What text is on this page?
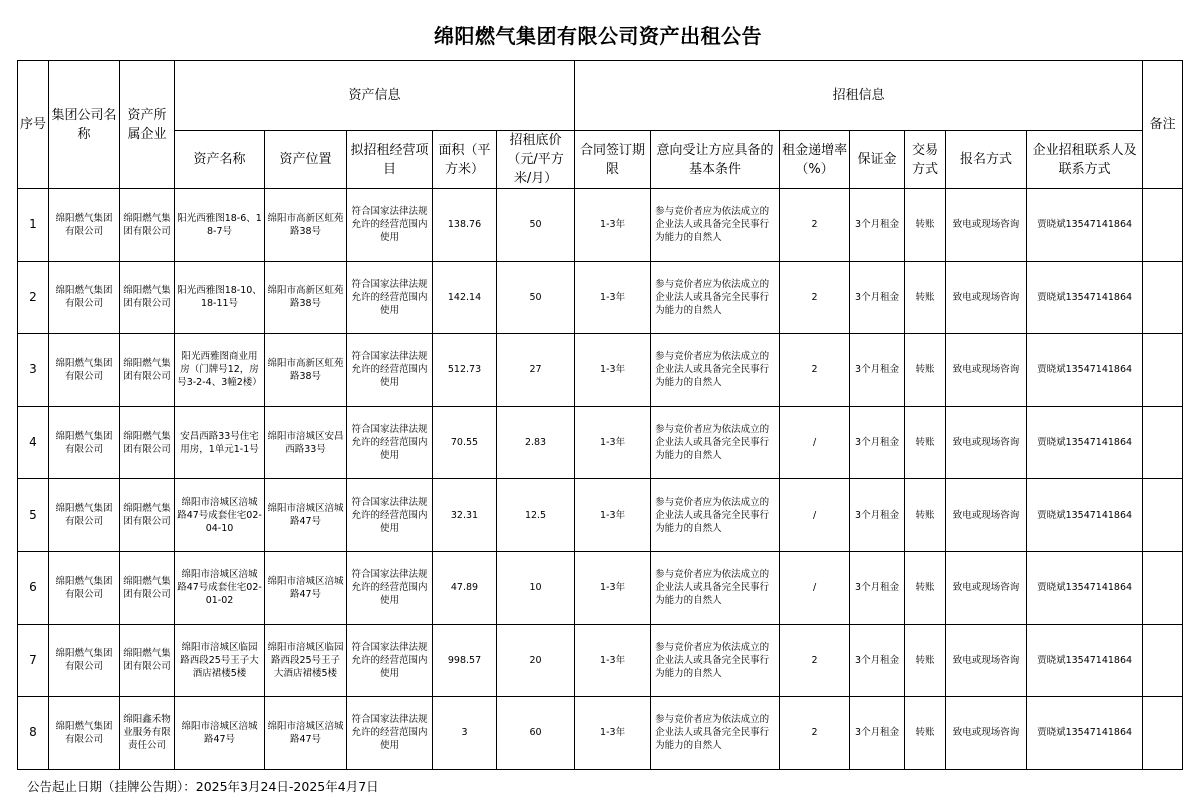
绵阳燃气集团有限公司资产出租公告
序号	集团公司名称	资产所属企业	资产信息					招租信息							备注
			资产名称	资产位置	拟招租经营项目	面积（平方米）	招租底价（元/平方米/月）	合同签订期限	意向受让方应具备的基本条件	租金递增率（%）	保证金	交易方式	报名方式	企业招租联系人及联系方式	
1	绵阳燃气集团有限公司	绵阳燃气集团有限公司	阳光西雅图18-6、18-7号	绵阳市高新区虹苑路38号	符合国家法律法规允许的经营范围内使用	138.76	50	1-3年	参与竞价者应为依法成立的企业法人或具备完全民事行为能力的自然人	2	3个月租金	转账	致电或现场咨询	贾晓斌13547141864	
2	绵阳燃气集团有限公司	绵阳燃气集团有限公司	阳光西雅图18-10、18-11号	绵阳市高新区虹苑路38号	符合国家法律法规允许的经营范围内使用	142.14	50	1-3年	参与竞价者应为依法成立的企业法人或具备完全民事行为能力的自然人	2	3个月租金	转账	致电或现场咨询	贾晓斌13547141864	
3	绵阳燃气集团有限公司	绵阳燃气集团有限公司	阳光西雅图商业用房（门牌号12，房号3-2-4、3幢2楼）	绵阳市高新区虹苑路38号	符合国家法律法规允许的经营范围内使用	512.73	27	1-3年	参与竞价者应为依法成立的企业法人或具备完全民事行为能力的自然人	2	3个月租金	转账	致电或现场咨询	贾晓斌13547141864	
4	绵阳燃气集团有限公司	绵阳燃气集团有限公司	安昌西路33号住宅用房，1单元1-1号	绵阳市涪城区安昌西路33号	符合国家法律法规允许的经营范围内使用	70.55	2.83	1-3年	参与竞价者应为依法成立的企业法人或具备完全民事行为能力的自然人	/	3个月租金	转账	致电或现场咨询	贾晓斌13547141864	
5	绵阳燃气集团有限公司	绵阳燃气集团有限公司	绵阳市涪城区涪城路47号成套住宅02-04-10	绵阳市涪城区涪城路47号	符合国家法律法规允许的经营范围内使用	32.31	12.5	1-3年	参与竞价者应为依法成立的企业法人或具备完全民事行为能力的自然人	/	3个月租金	转账	致电或现场咨询	贾晓斌13547141864	
6	绵阳燃气集团有限公司	绵阳燃气集团有限公司	绵阳市涪城区涪城路47号成套住宅02-01-02	绵阳市涪城区涪城路47号	符合国家法律法规允许的经营范围内使用	47.89	10	1-3年	参与竞价者应为依法成立的企业法人或具备完全民事行为能力的自然人	/	3个月租金	转账	致电或现场咨询	贾晓斌13547141864	
7	绵阳燃气集团有限公司	绵阳燃气集团有限公司	绵阳市涪城区临园路西段25号王子大酒店裙楼5楼	绵阳市涪城区临园路西段25号王子大酒店裙楼5楼	符合国家法律法规允许的经营范围内使用	998.57	20	1-3年	参与竞价者应为依法成立的企业法人或具备完全民事行为能力的自然人	2	3个月租金	转账	致电或现场咨询	贾晓斌13547141864	
8	绵阳燃气集团有限公司	绵阳鑫禾物业服务有限责任公司	绵阳市涪城区涪城路47号	绵阳市涪城区涪城路47号	符合国家法律法规允许的经营范围内使用	3	60	1-3年	参与竞价者应为依法成立的企业法人或具备完全民事行为能力的自然人	2	3个月租金	转账	致电或现场咨询	贾晓斌13547141864	
公告起止日期（挂牌公告期）：2025年3月24日-2025年4月7日
